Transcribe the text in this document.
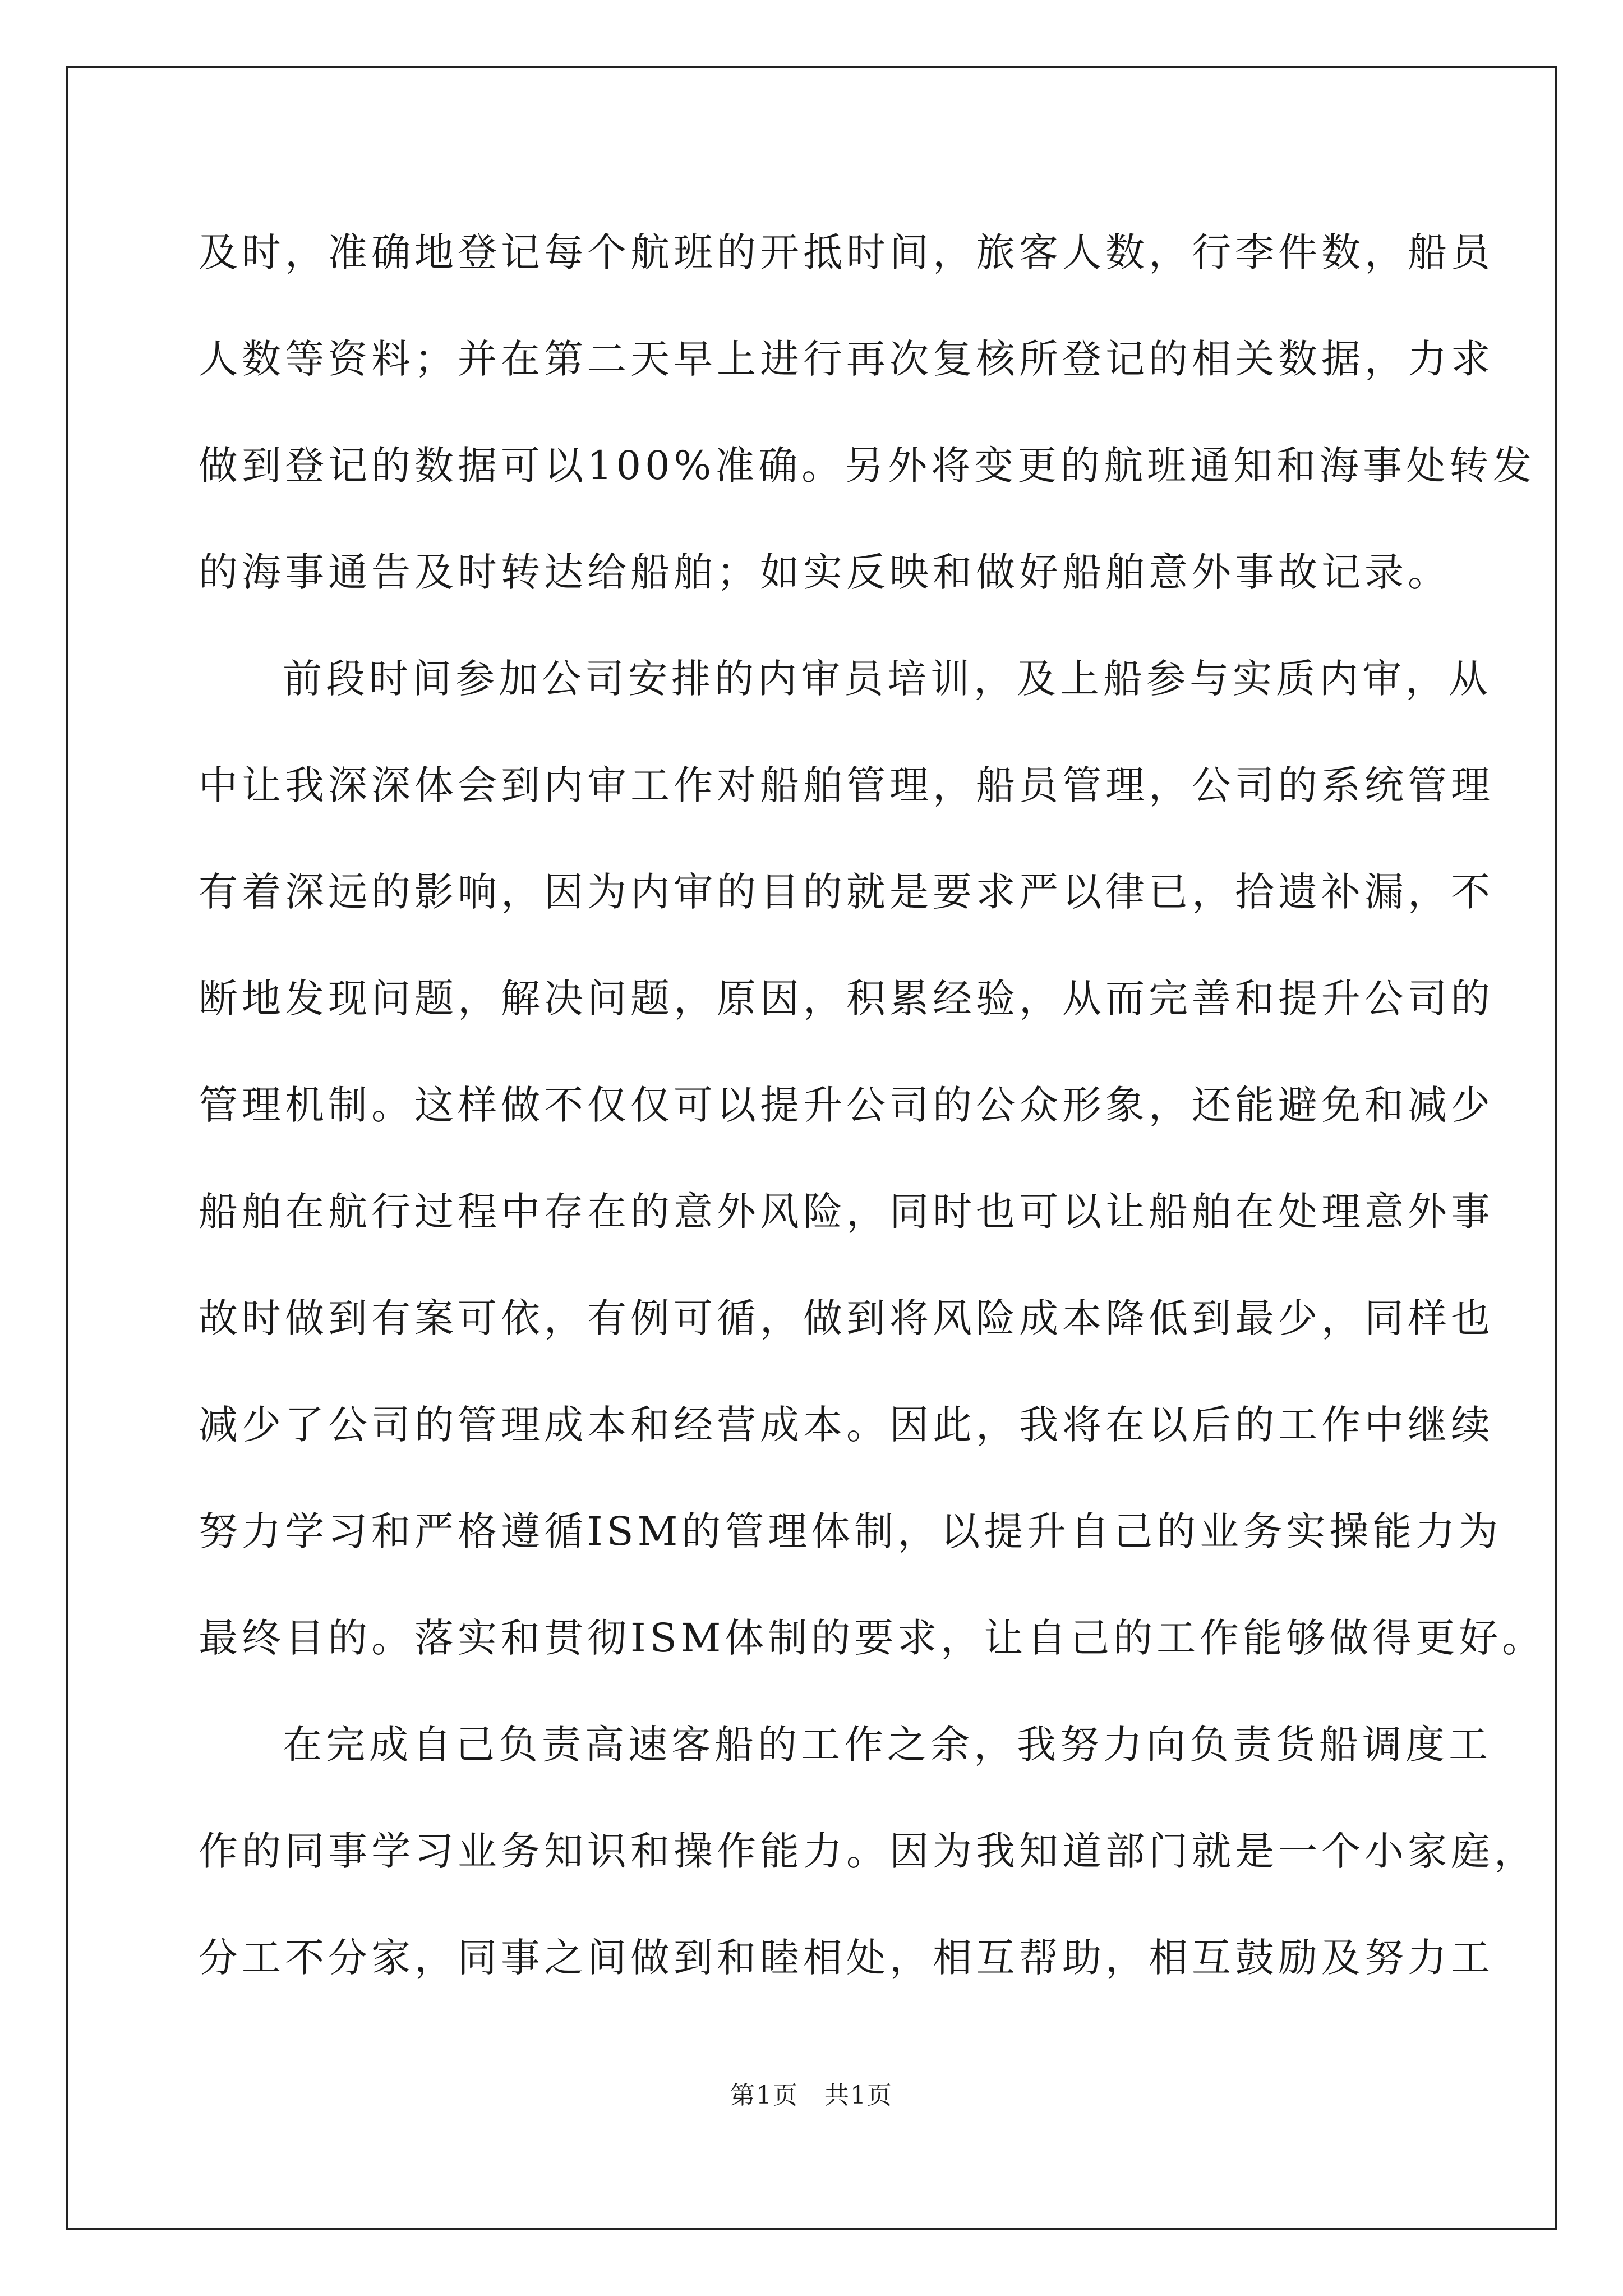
及时，准确地登记每个航班的开抵时间，旅客人数，行李件数，船员
人数等资料；并在第二天早上进行再次复核所登记的相关数据，力求
做到登记的数据可以100%准确。另外将变更的航班通知和海事处转发
的海事通告及时转达给船舶；如实反映和做好船舶意外事故记录。
前段时间参加公司安排的内审员培训，及上船参与实质内审，从
中让我深深体会到内审工作对船舶管理，船员管理，公司的系统管理
有着深远的影响，因为内审的目的就是要求严以律已，拾遗补漏，不
断地发现问题，解决问题，原因，积累经验，从而完善和提升公司的
管理机制。这样做不仅仅可以提升公司的公众形象，还能避免和减少
船舶在航行过程中存在的意外风险，同时也可以让船舶在处理意外事
故时做到有案可依，有例可循，做到将风险成本降低到最少，同样也
减少了公司的管理成本和经营成本。因此，我将在以后的工作中继续
努力学习和严格遵循ISM的管理体制，以提升自己的业务实操能力为
最终目的。落实和贯彻ISM体制的要求，让自己的工作能够做得更好。
在完成自己负责高速客船的工作之余，我努力向负责货船调度工
作的同事学习业务知识和操作能力。因为我知道部门就是一个小家庭，
分工不分家，同事之间做到和睦相处，相互帮助，相互鼓励及努力工
第1页　共1页
